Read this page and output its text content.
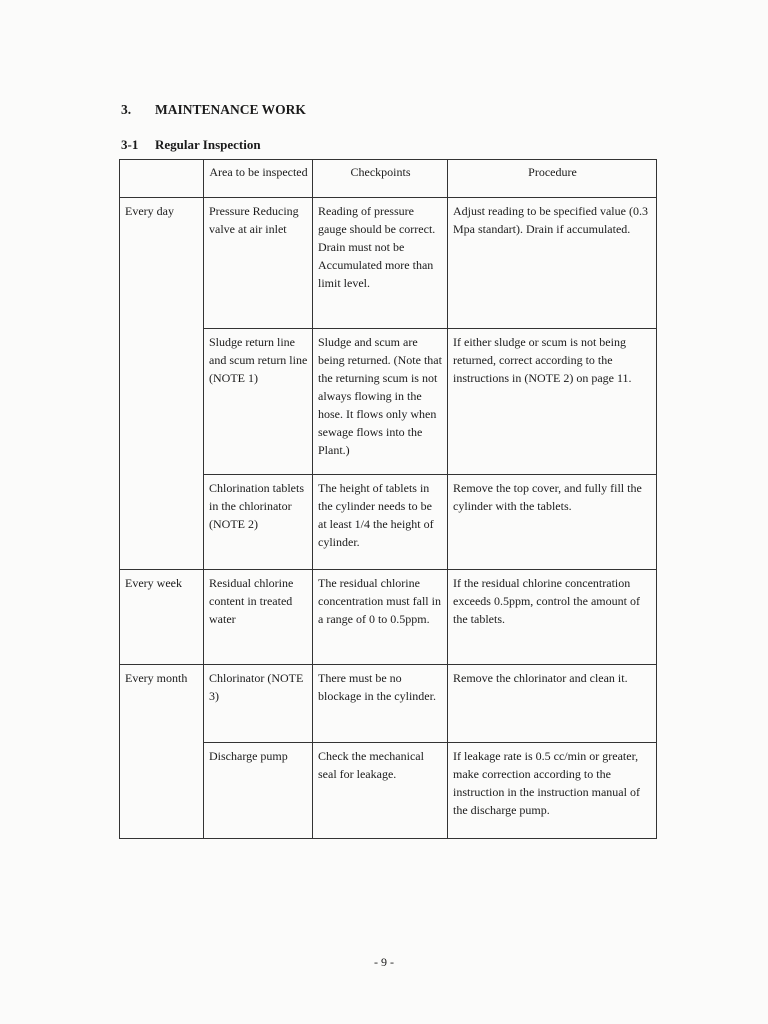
3. MAINTENANCE WORK
3-1 Regular Inspection
	Area to be inspected	Checkpoints	Procedure
Every day	Pressure Reducing valve at air inlet	Reading of pressure gauge should be correct. Drain must not be Accumulated more than limit level.	Adjust reading to be specified value (0.3 Mpa standart). Drain if accumulated.
	Sludge return line and scum return line (NOTE 1)	Sludge and scum are being returned. (Note that the returning scum is not always flowing in the hose. It flows only when sewage flows into the Plant.)	If either sludge or scum is not being returned, correct according to the instructions in (NOTE 2) on page 11.
	Chlorination tablets in the chlorinator (NOTE 2)	The height of tablets in the cylinder needs to be at least 1/4 the height of cylinder.	Remove the top cover, and fully fill the cylinder with the tablets.
Every week	Residual chlorine content in treated water	The residual chlorine concentration must fall in a range of 0 to 0.5ppm.	If the residual chlorine concentration exceeds 0.5ppm, control the amount of the tablets.
Every month	Chlorinator (NOTE 3)	There must be no blockage in the cylinder.	Remove the chlorinator and clean it.
	Discharge pump	Check the mechanical seal for leakage.	If leakage rate is 0.5 cc/min or greater, make correction according to the instruction in the instruction manual of the discharge pump.
- 9 -
